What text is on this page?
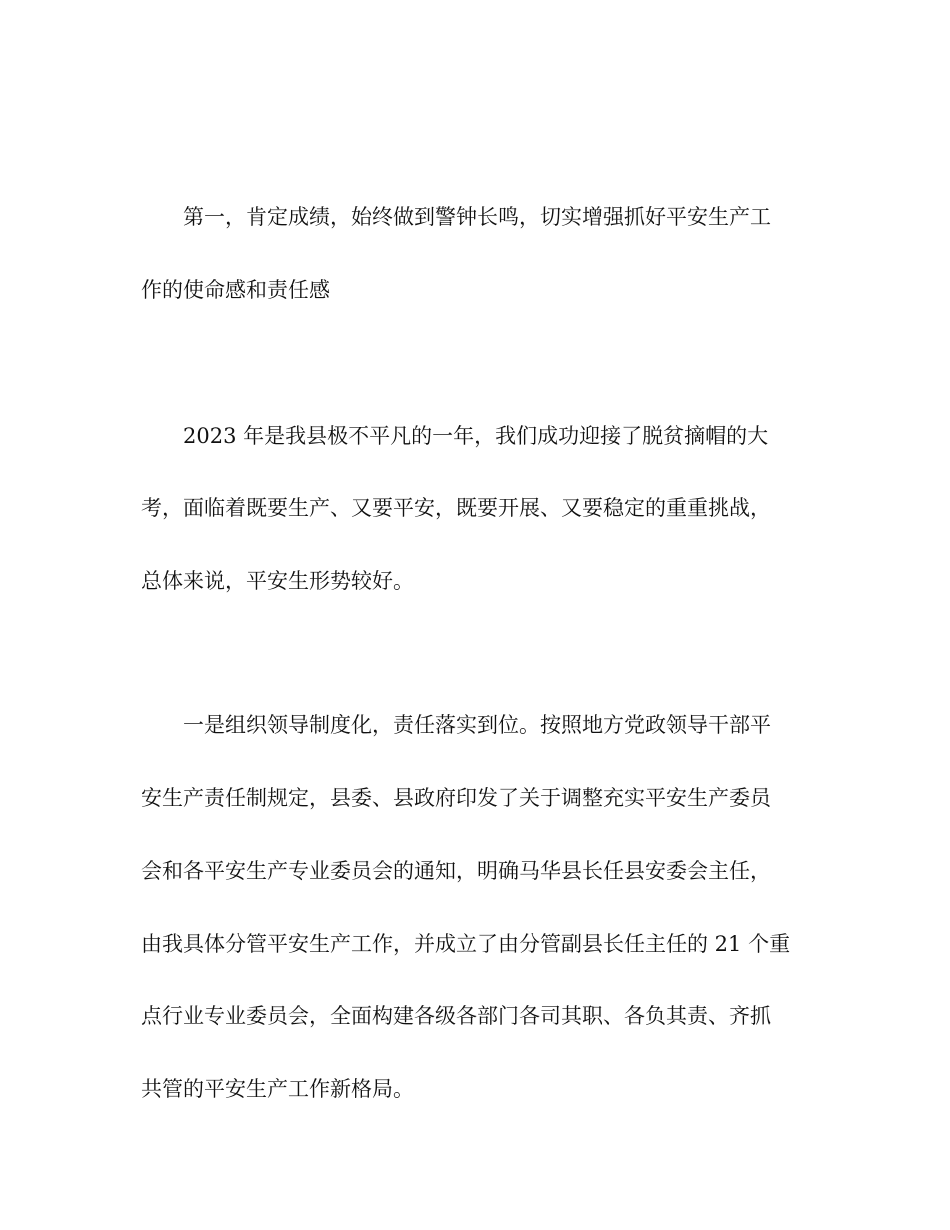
第一，肯定成绩，始终做到警钟长鸣，切实增强抓好平安生产工

作的使命感和责任感

2023 年是我县极不平凡的一年，我们成功迎接了脱贫摘帽的大

考，面临着既要生产、又要平安，既要开展、又要稳定的重重挑战，

总体来说，平安生形势较好。

一是组织领导制度化，责任落实到位。按照地方党政领导干部平

安生产责任制规定，县委、县政府印发了关于调整充实平安生产委员

会和各平安生产专业委员会的通知，明确马华县长任县安委会主任，

由我具体分管平安生产工作，并成立了由分管副县长任主任的 21 个重

点行业专业委员会，全面构建各级各部门各司其职、各负其责、齐抓

共管的平安生产工作新格局。
